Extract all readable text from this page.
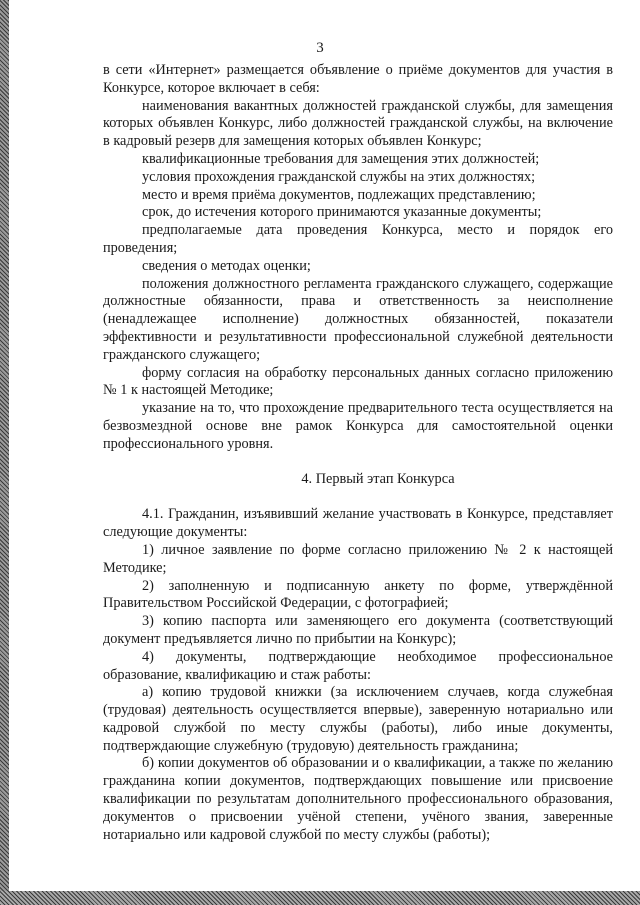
3

в сети «Интернет» размещается объявление о приёме документов для участия в Конкурсе, которое включает в себя:

наименования вакантных должностей гражданской службы, для замещения которых объявлен Конкурс, либо должностей гражданской службы, на включение в кадровый резерв для замещения которых объявлен Конкурс;

квалификационные требования для замещения этих должностей;

условия прохождения гражданской службы на этих должностях;

место и время приёма документов, подлежащих представлению;

срок, до истечения которого принимаются указанные документы;

предполагаемые дата проведения Конкурса, место и порядок его проведения;

сведения о методах оценки;

положения должностного регламента гражданского служащего, содержащие должностные обязанности, права и ответственность за неисполнение (ненадлежащее исполнение) должностных обязанностей, показатели эффективности и результативности профессиональной служебной деятельности гражданского служащего;

форму согласия на обработку персональных данных согласно приложению № 1 к настоящей Методике;

указание на то, что прохождение предварительного теста осуществляется на безвозмездной основе вне рамок Конкурса для самостоятельной оценки профессионального уровня.

4. Первый этап Конкурса

4.1. Гражданин, изъявивший желание участвовать в Конкурсе, представляет следующие документы:

1) личное заявление по форме согласно приложению № 2 к настоящей Методике;

2) заполненную и подписанную анкету по форме, утверждённой Правительством Российской Федерации, с фотографией;

3) копию паспорта или заменяющего его документа (соответствующий документ предъявляется лично по прибытии на Конкурс);

4) документы, подтверждающие необходимое профессиональное образование, квалификацию и стаж работы:

а) копию трудовой книжки (за исключением случаев, когда служебная (трудовая) деятельность осуществляется впервые), заверенную нотариально или кадровой службой по месту службы (работы), либо иные документы, подтверждающие служебную (трудовую) деятельность гражданина;

б) копии документов об образовании и о квалификации, а также по желанию гражданина копии документов, подтверждающих повышение или присвоение квалификации по результатам дополнительного профессионального образования, документов о присвоении учёной степени, учёного звания, заверенные нотариально или кадровой службой по месту службы (работы);
